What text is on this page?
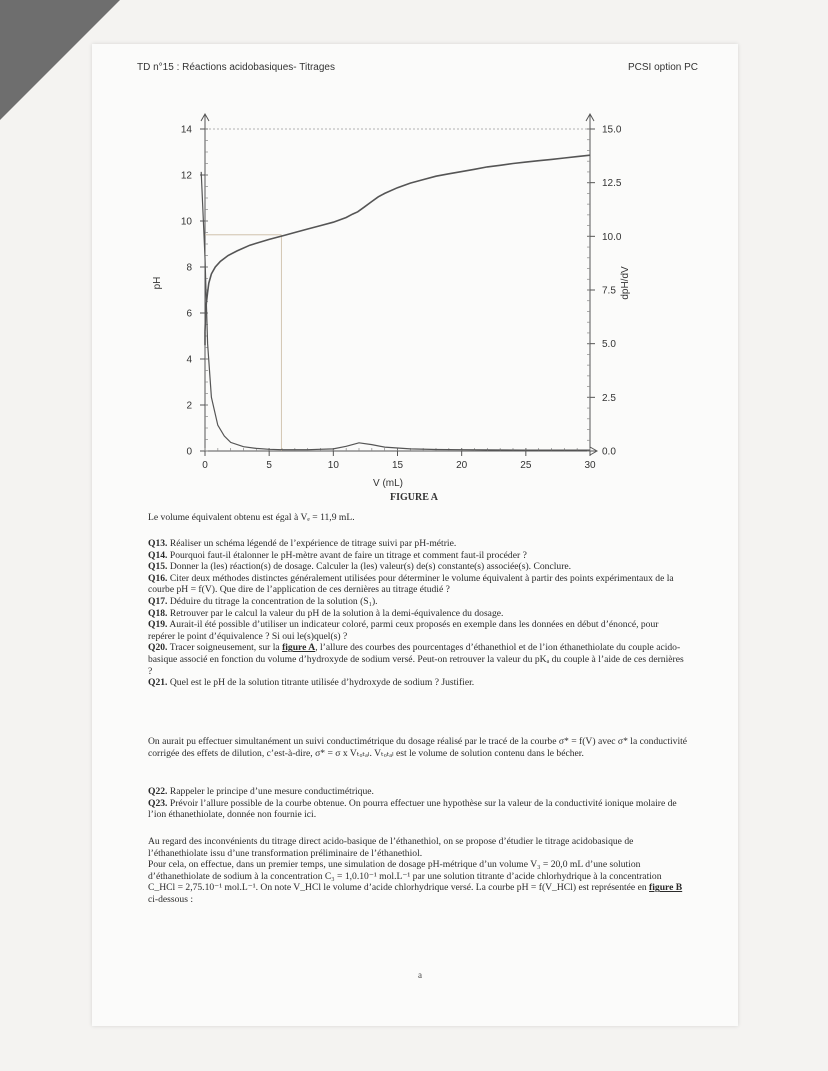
TD n°15 : Réactions acidobasiques- Titrages	PCSI option PC
0
2
4
6
8
10
12
14
0.0
2.5
5.0
7.5
10.0
12.5
15.0
0	5	10	15	20	25	30
V (mL)
pH	dpH/dV
FIGURE A
Le volume équivalent obtenu est égal à Vₑ = 11,9 mL.

Q13. Réaliser un schéma légendé de l’expérience de titrage suivi par pH-métrie.

Q14. Pourquoi faut-il étalonner le pH-mètre avant de faire un titrage et comment faut-il procéder ?

Q15. Donner la (les) réaction(s) de dosage. Calculer la (les) valeur(s) de(s) constante(s) associée(s). Conclure.

Q16. Citer deux méthodes distinctes généralement utilisées pour déterminer le volume équivalent à partir des points expérimentaux de la courbe pH = f(V). Que dire de l’application de ces dernières au titrage étudié ?

Q17. Déduire du titrage la concentration de la solution (S₁).

Q18. Retrouver par le calcul la valeur du pH de la solution à la demi-équivalence du dosage.

Q19. Aurait-il été possible d’utiliser un indicateur coloré, parmi ceux proposés en exemple dans les données en début d’énoncé, pour repérer le point d’équivalence ? Si oui le(s)quel(s) ?

Q20. Tracer soigneusement, sur la figure A, l’allure des courbes des pourcentages d’éthanethiol et de l’ion éthanethiolate du couple acido-basique associé en fonction du volume d’hydroxyde de sodium versé. Peut-on retrouver la valeur du pKₐ du couple à l’aide de ces dernières ?

Q21. Quel est le pH de la solution titrante utilisée d’hydroxyde de sodium ? Justifier.

On aurait pu effectuer simultanément un suivi conductimétrique du dosage réalisé par le tracé de la courbe σ* = f(V) avec σ* la conductivité corrigée des effets de dilution, c’est-à-dire, σ* = σ x Vₜₒₜₐₗ. Vₜₒₜₐₗ est le volume de solution contenu dans le bécher.

Q22. Rappeler le principe d’une mesure conductimétrique.

Q23. Prévoir l’allure possible de la courbe obtenue. On pourra effectuer une hypothèse sur la valeur de la conductivité ionique molaire de l’ion éthanethiolate, donnée non fournie ici.

Au regard des inconvénients du titrage direct acido-basique de l’éthanethiol, on se propose d’étudier le titrage acidobasique de l’éthanethiolate issu d’une transformation préliminaire de l’éthanethiol.

Pour cela, on effectue, dans un premier temps, une simulation de dosage pH-métrique d’un volume V₃ = 20,0 mL d’une solution d’éthanethiolate de sodium à la concentration C₃ = 1,0.10⁻¹ mol.L⁻¹ par une solution titrante d’acide chlorhydrique à la concentration C_HCl = 2,75.10⁻¹ mol.L⁻¹. On note V_HCl le volume d’acide chlorhydrique versé. La courbe pH = f(V_HCl) est représentée en figure B ci-dessous :

a
